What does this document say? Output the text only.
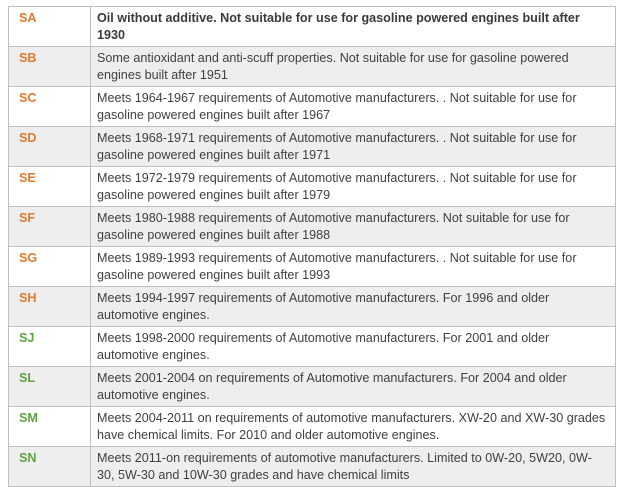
SA	Oil without additive. Not suitable for use for gasoline powered engines built after 1930
SB	Some antioxidant and anti-scuff properties. Not suitable for use for gasoline powered engines built after 1951
SC	Meets 1964-1967 requirements of Automotive manufacturers. . Not suitable for use for gasoline powered engines built after 1967
SD	Meets 1968-1971 requirements of Automotive manufacturers. . Not suitable for use for gasoline powered engines built after 1971
SE	Meets 1972-1979 requirements of Automotive manufacturers. . Not suitable for use for gasoline powered engines built after 1979
SF	Meets 1980-1988 requirements of Automotive manufacturers. Not suitable for use for gasoline powered engines built after 1988
SG	Meets 1989-1993 requirements of Automotive manufacturers. . Not suitable for use for gasoline powered engines built after 1993
SH	Meets 1994-1997 requirements of Automotive manufacturers. For 1996 and older automotive engines.
SJ	Meets 1998-2000 requirements of Automotive manufacturers. For 2001 and older automotive engines.
SL	Meets 2001-2004 on requirements of Automotive manufacturers. For 2004 and older automotive engines.
SM	Meets 2004-2011 on requirements of automotive manufacturers. XW-20 and XW-30 grades have chemical limits. For 2010 and older automotive engines.
SN	Meets 2011-on requirements of automotive manufacturers. Limited to 0W-20, 5W20, 0W-30, 5W-30 and 10W-30 grades and have chemical limits
